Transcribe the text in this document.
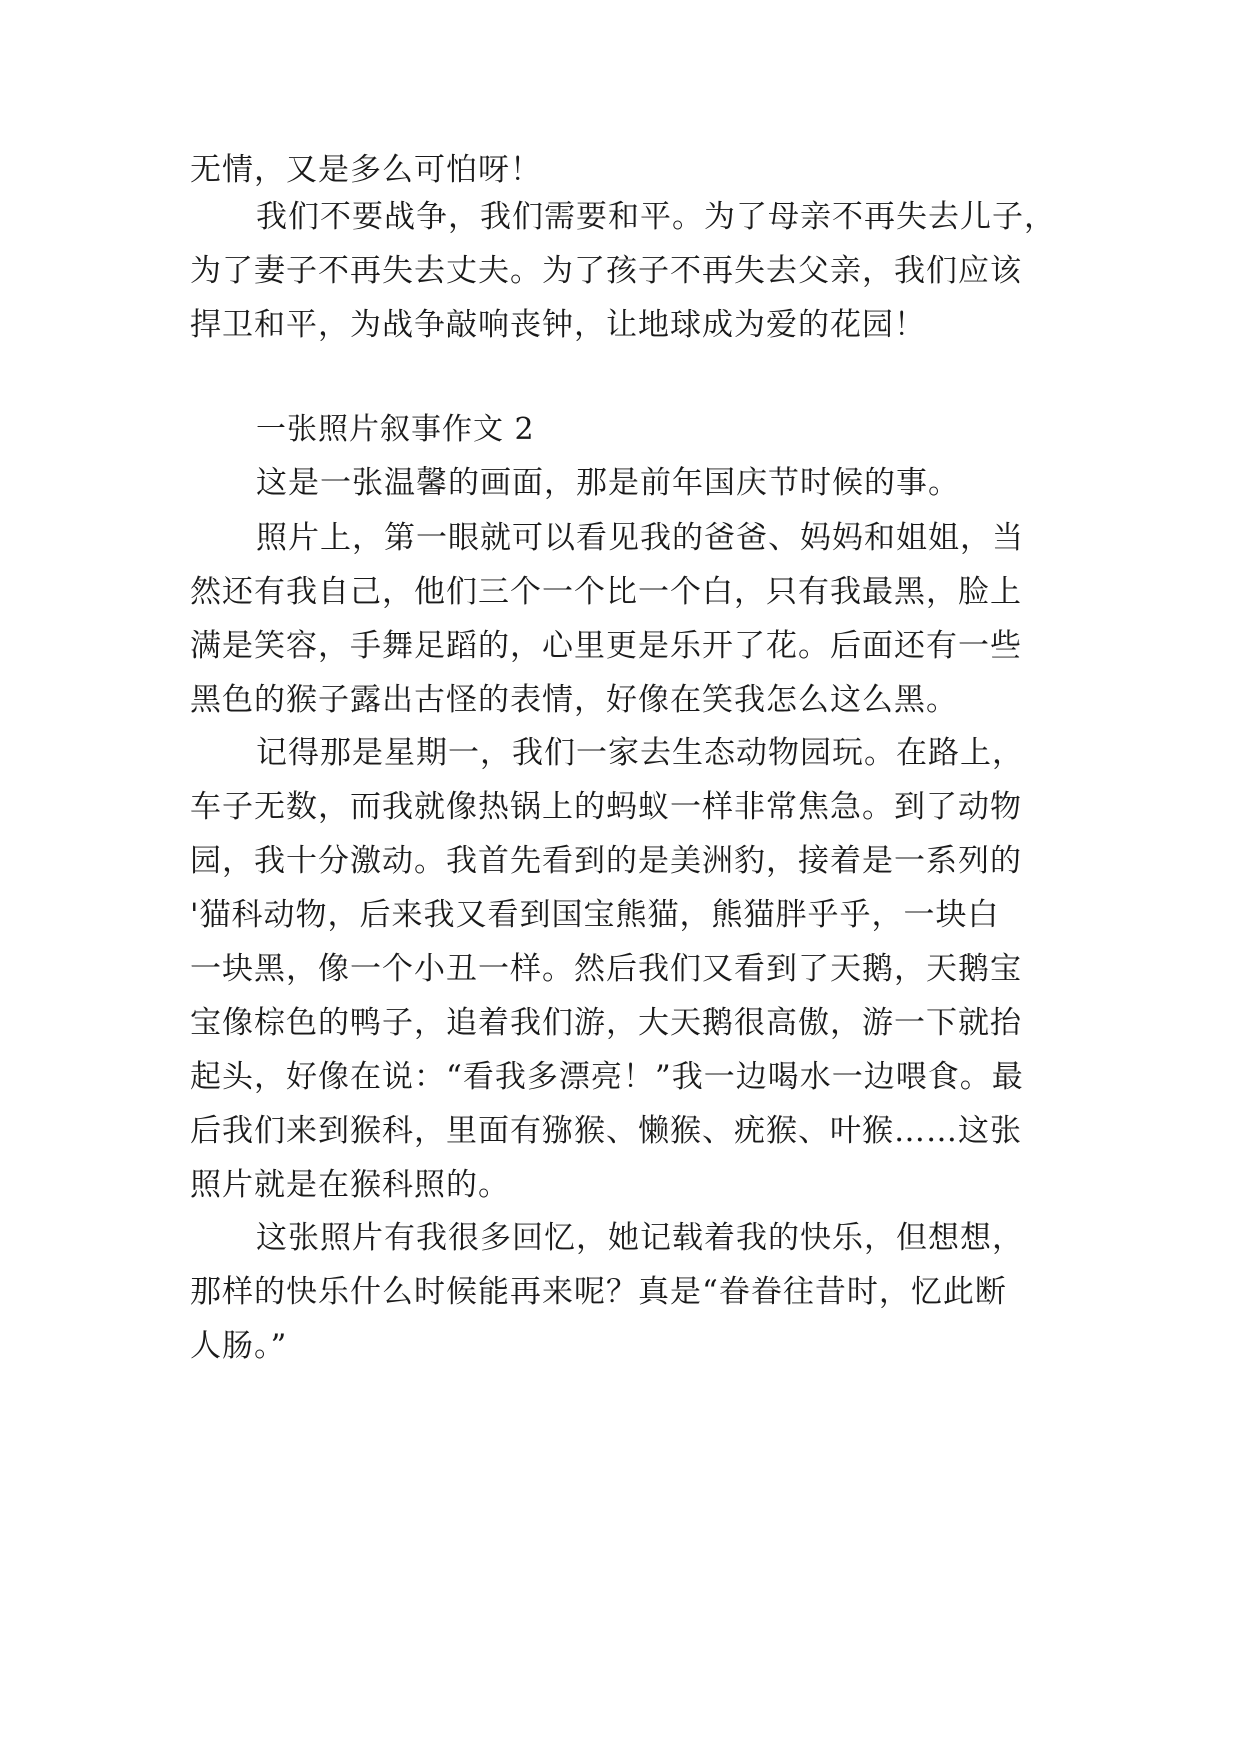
无情，又是多么可怕呀！
我们不要战争，我们需要和平。为了母亲不再失去儿子，
为了妻子不再失去丈夫。为了孩子不再失去父亲，我们应该
捍卫和平，为战争敲响丧钟，让地球成为爱的花园！
一张照片叙事作文 2
这是一张温馨的画面，那是前年国庆节时候的事。
照片上，第一眼就可以看见我的爸爸、妈妈和姐姐，当
然还有我自己，他们三个一个比一个白，只有我最黑，脸上
满是笑容，手舞足蹈的，心里更是乐开了花。后面还有一些
黑色的猴子露出古怪的表情，好像在笑我怎么这么黑。
记得那是星期一，我们一家去生态动物园玩。在路上，
车子无数，而我就像热锅上的蚂蚁一样非常焦急。到了动物
园，我十分激动。我首先看到的是美洲豹，接着是一系列的
'猫科动物，后来我又看到国宝熊猫，熊猫胖乎乎，一块白
一块黑，像一个小丑一样。然后我们又看到了天鹅，天鹅宝
宝像棕色的鸭子，追着我们游，大天鹅很高傲，游一下就抬
起头，好像在说：“看我多漂亮！”我一边喝水一边喂食。最
后我们来到猴科，里面有猕猴、懒猴、疣猴、叶猴……这张
照片就是在猴科照的。
这张照片有我很多回忆，她记载着我的快乐，但想想，
那样的快乐什么时候能再来呢？真是“眷眷往昔时，忆此断
人肠。”
